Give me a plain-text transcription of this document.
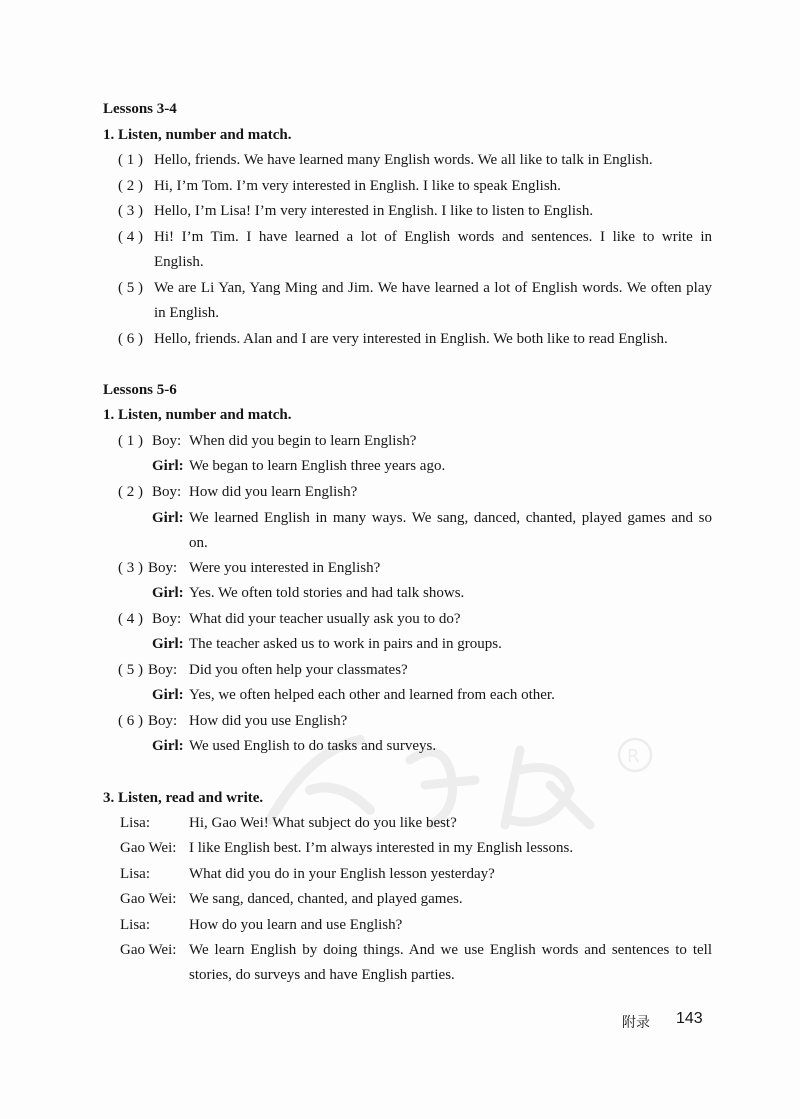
R
Lessons 3-4
1. Listen, number and match.
( 1 ) Hello, friends. We have learned many English words. We all like to talk in English.
( 2 ) Hi, I’m Tom. I’m very interested in English. I like to speak English.
( 3 ) Hello, I’m Lisa! I’m very interested in English. I like to listen to English.
( 4 ) Hi! I’m Tim. I have learned a lot of English words and sentences. I like to write in
English.
( 5 ) We are Li Yan, Yang Ming and Jim. We have learned a lot of English words. We often play
in English.
( 6 ) Hello, friends. Alan and I are very interested in English. We both like to read English.
Lessons 5-6
1. Listen, number and match.
( 1 ) Boy: When did you begin to learn English?
Girl: We began to learn English three years ago.
( 2 ) Boy: How did you learn English?
Girl: We learned English in many ways. We sang, danced, chanted, played games and so
on.
( 3 ) Boy: Were you interested in English?
Girl: Yes. We often told stories and had talk shows.
( 4 ) Boy: What did your teacher usually ask you to do?
Girl: The teacher asked us to work in pairs and in groups.
( 5 ) Boy: Did you often help your classmates?
Girl: Yes, we often helped each other and learned from each other.
( 6 ) Boy: How did you use English?
Girl: We used English to do tasks and surveys.
3. Listen, read and write.
Lisa:	Hi, Gao Wei! What subject do you like best?
Gao Wei: I like English best. I’m always interested in my English lessons.
Lisa:	What did you do in your English lesson yesterday?
Gao Wei: We sang, danced, chanted, and played games.
Lisa:	How do you learn and use English?
Gao Wei: We learn English by doing things. And we use English words and sentences to tell
stories, do surveys and have English parties.
附录 143
